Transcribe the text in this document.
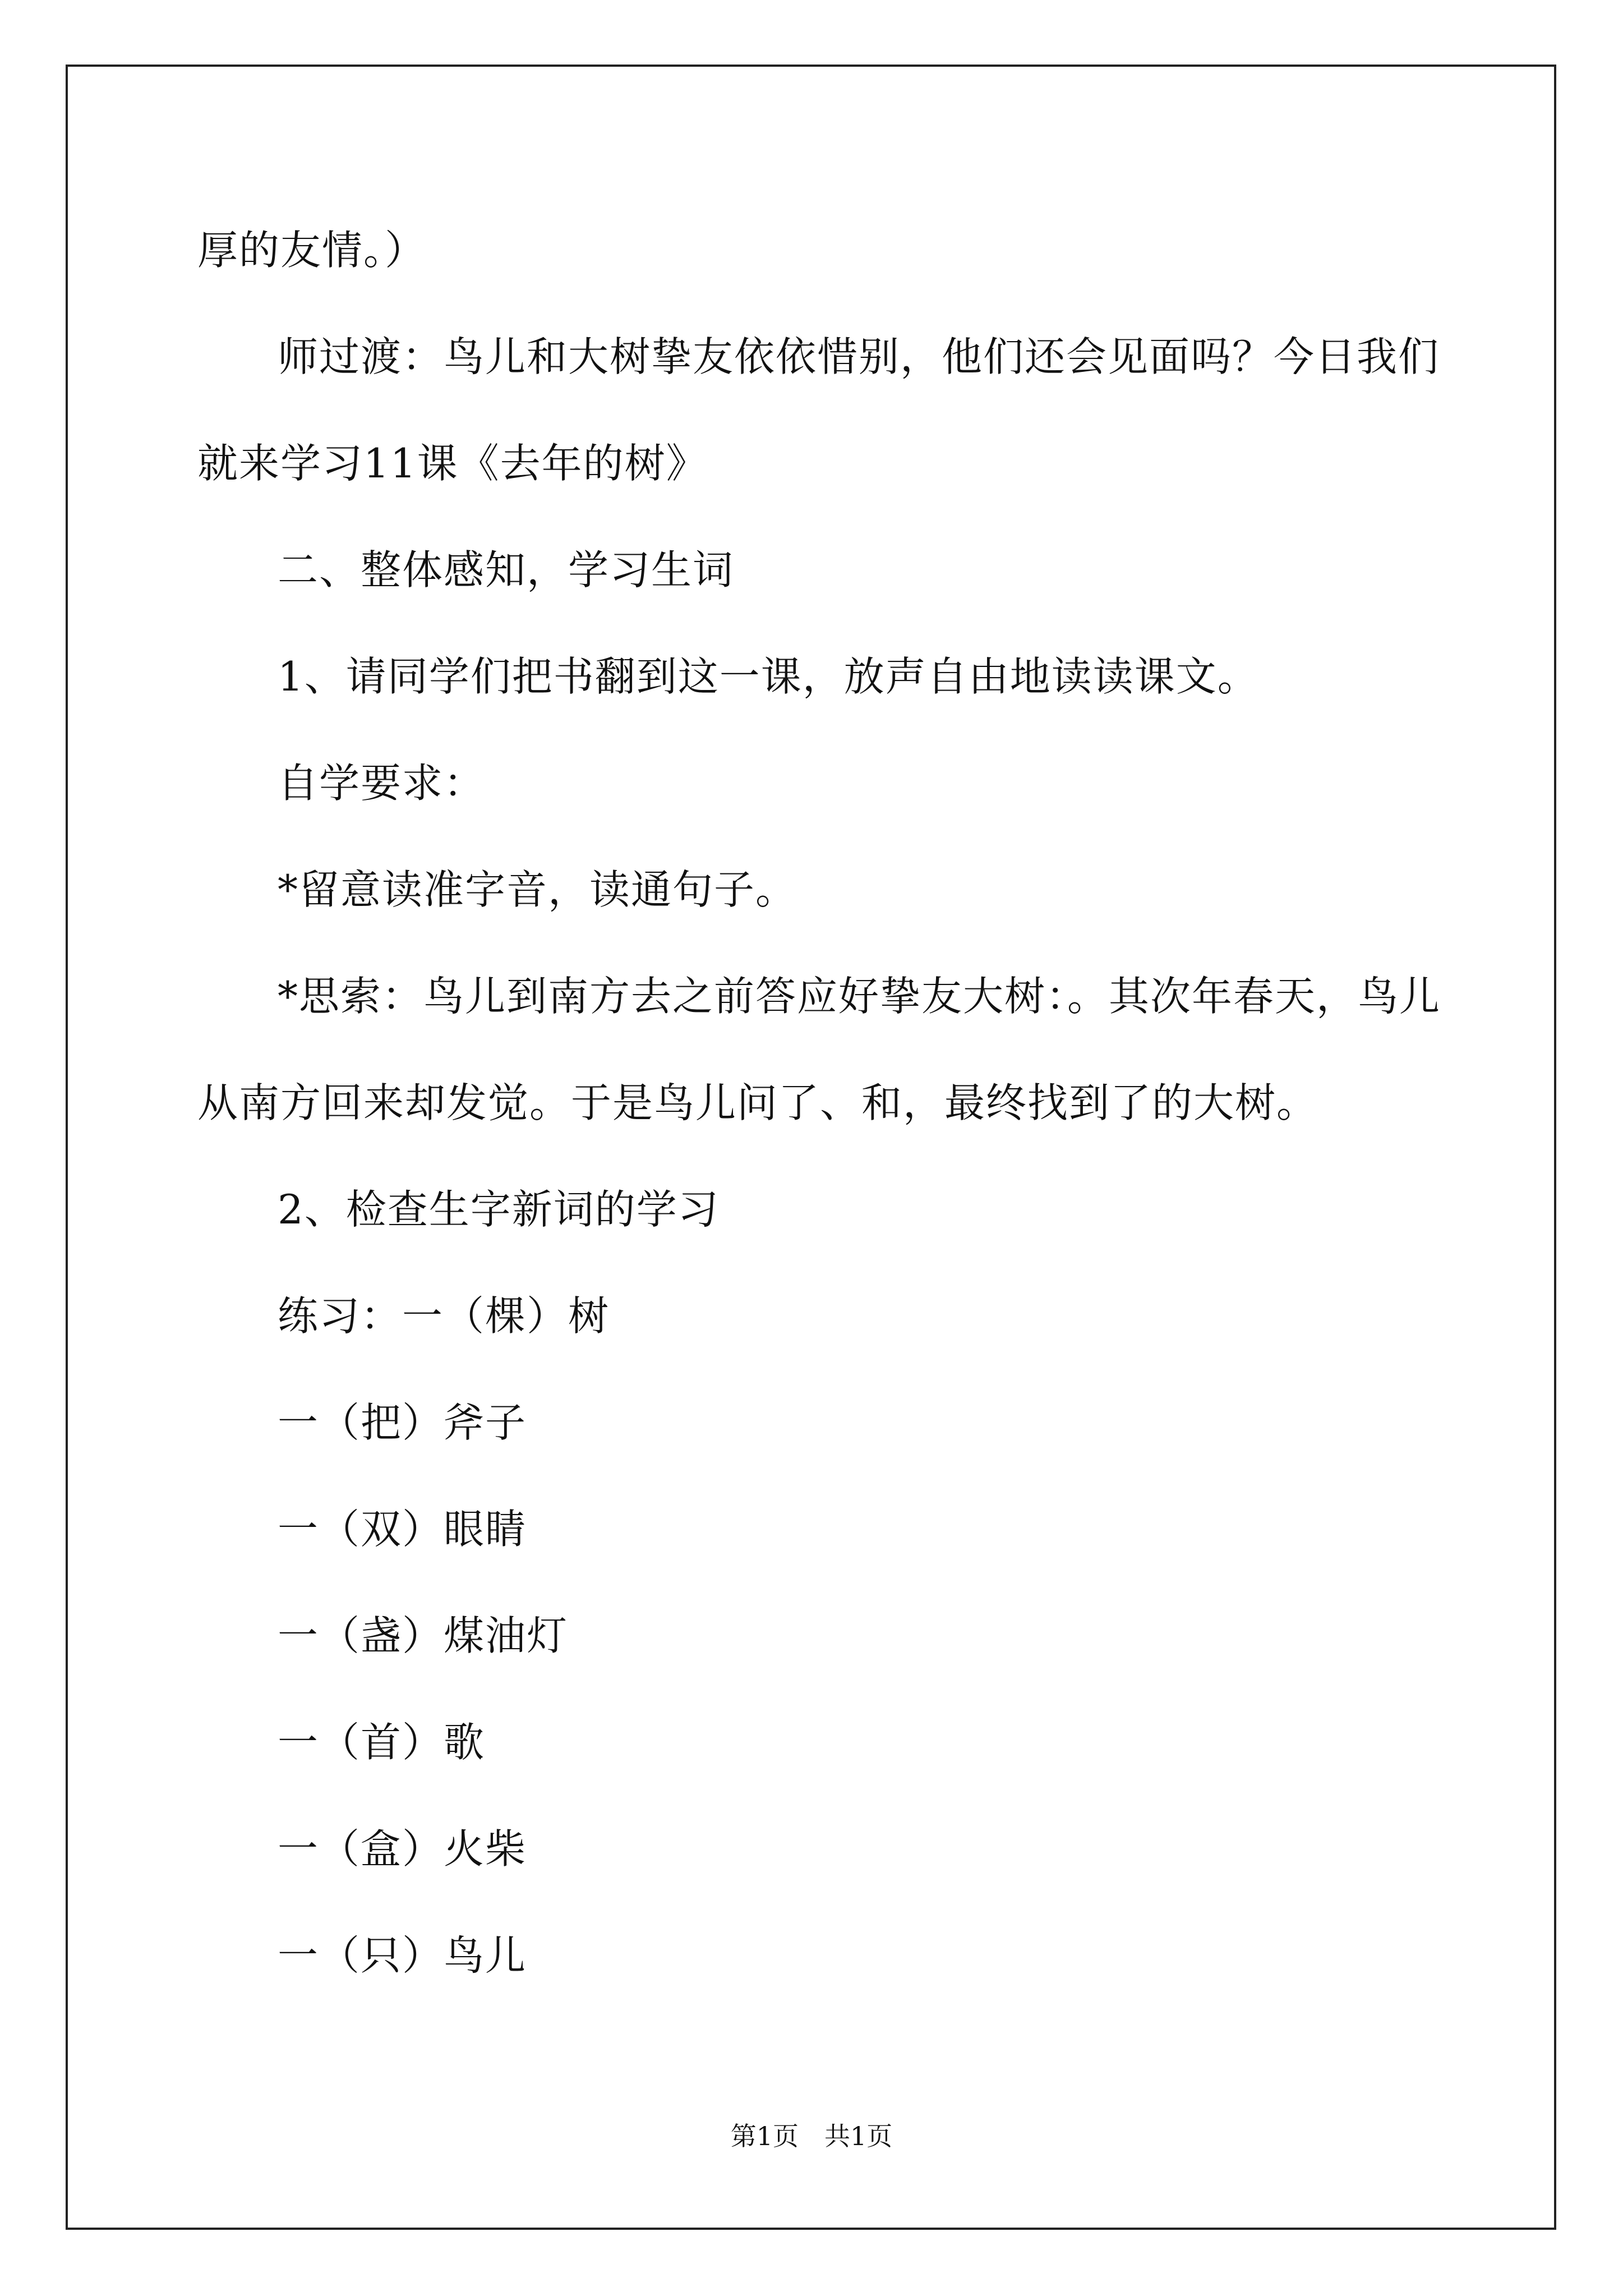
厚的友情。）
师过渡：鸟儿和大树挚友依依惜别，他们还会见面吗？今日我们
就来学习11课《去年的树》
二、整体感知，学习生词
1、请同学们把书翻到这一课，放声自由地读读课文。
自学要求：
*留意读准字音，读通句子。
*思索：鸟儿到南方去之前答应好挚友大树：。其次年春天，鸟儿
从南方回来却发觉。于是鸟儿问了、和，最终找到了的大树。
2、检查生字新词的学习
练习：一（棵）树
一（把）斧子
一（双）眼睛
一（盏）煤油灯
一（首）歌
一（盒）火柴
一（只）鸟儿
第1页　共1页
